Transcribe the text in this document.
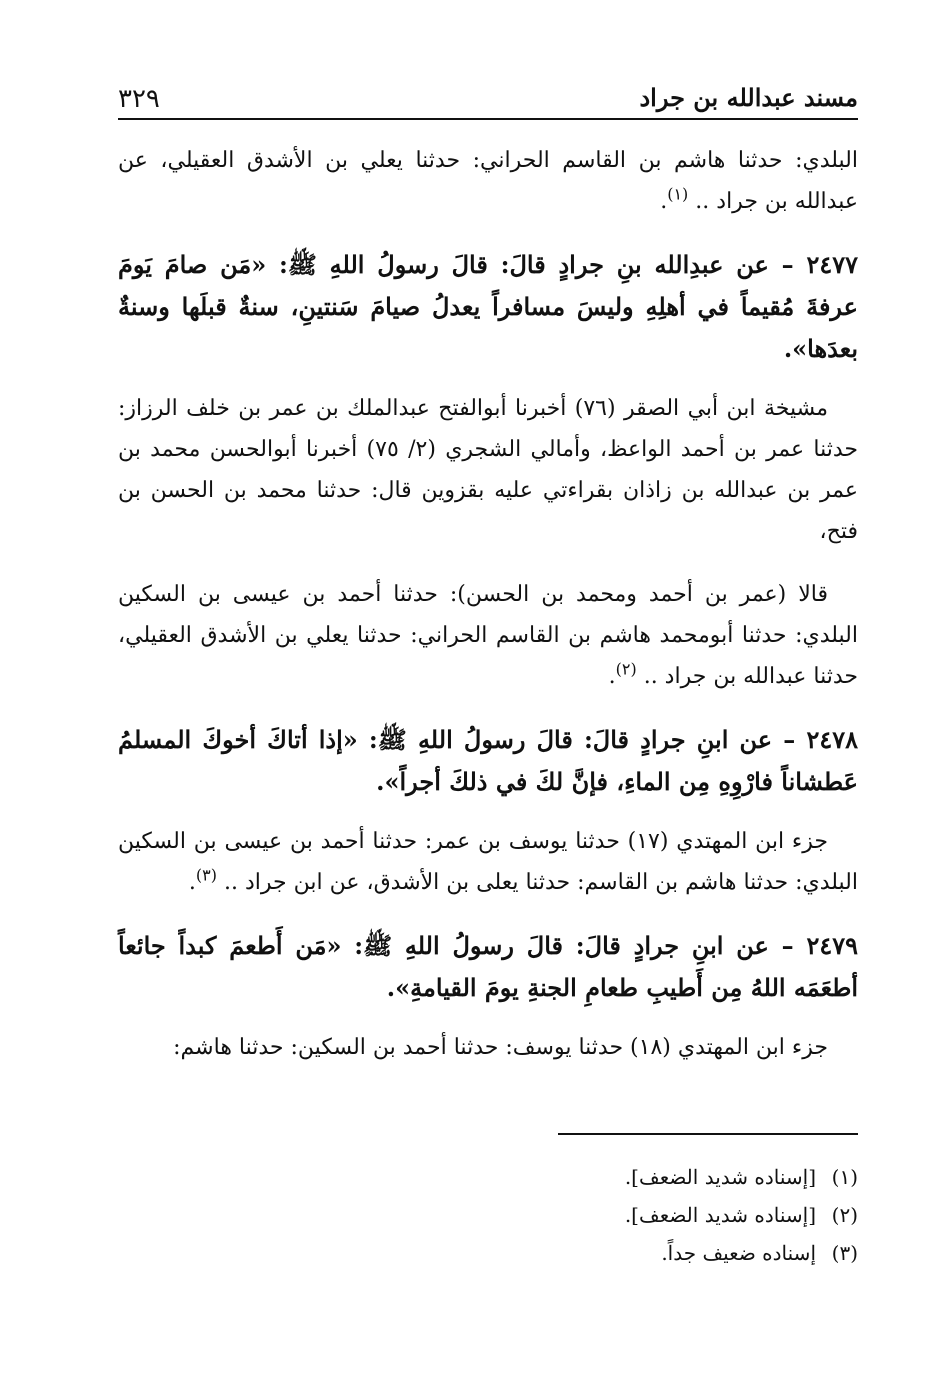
مسند عبدالله بن جراد
٣٢٩

البلدي: حدثنا هاشم بن القاسم الحراني: حدثنا يعلي بن الأشدق العقيلي، عن عبدالله بن جراد .. $^{(١)}$.

٢٤٧٧ – عن عبدِالله بنِ جرادٍ قالَ: قالَ رسولُ اللهِ ﷺ: «مَن صامَ يَومَ عرفةَ مُقيماً في أهلِهِ وليسَ مسافراً يعدلُ صيامَ سَنتينِ، سنةٌ قبلَها وسنةٌ بعدَها».

مشيخة ابن أبي الصقر (٧٦) أخبرنا أبوالفتح عبدالملك بن عمر بن خلف الرزاز: حدثنا عمر بن أحمد الواعظ، وأمالي الشجري (٢/ ٧٥) أخبرنا أبوالحسن محمد بن عمر بن عبدالله بن زاذان بقراءتي عليه بقزوين قال: حدثنا محمد بن الحسن بن فتح،

قالا (عمر بن أحمد ومحمد بن الحسن): حدثنا أحمد بن عيسى بن السكين البلدي: حدثنا أبومحمد هاشم بن القاسم الحراني: حدثنا يعلي بن الأشدق العقيلي، حدثنا عبدالله بن جراد .. $^{(٢)}$.

٢٤٧٨ – عن ابنِ جرادٍ قالَ: قالَ رسولُ اللهِ ﷺ: «إذا أتاكَ أخوكَ المسلمُ عَطشاناً فارْوِهِ مِن الماءِ، فإنَّ لكَ في ذلكَ أجراً».

جزء ابن المهتدي (١٧) حدثنا يوسف بن عمر: حدثنا أحمد بن عيسى بن السكين البلدي: حدثنا هاشم بن القاسم: حدثنا يعلى بن الأشدق، عن ابن جراد .. $^{(٣)}$.

٢٤٧٩ – عن ابنِ جرادٍ قالَ: قالَ رسولُ اللهِ ﷺ: «مَن أَطعمَ كبداً جائعاً أطعَمَه اللهُ مِن أَطيبِ طعامِ الجنةِ يومَ القيامةِ».

جزء ابن المهتدي (١٨) حدثنا يوسف: حدثنا أحمد بن السكين: حدثنا هاشم:

(١)[إسناده شديد الضعف].

(٢)[إسناده شديد الضعف].

(٣)إسناده ضعيف جداً.
